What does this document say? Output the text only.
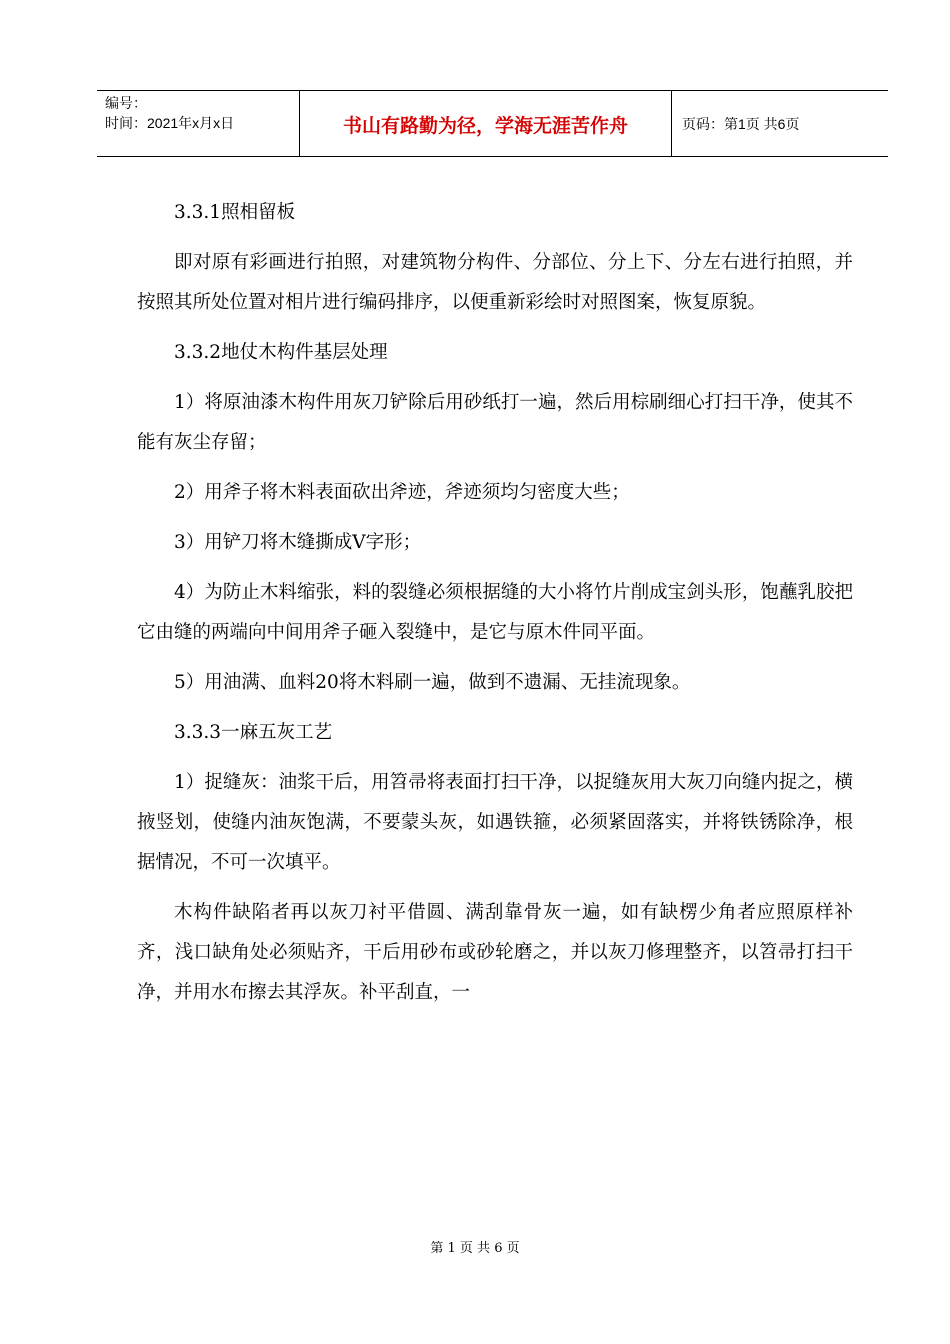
编号：
时间：2021年x月x日	书山有路勤为径，学海无涯苦作舟	页码：第1页 共6页

3.3.1照相留板

即对原有彩画进行拍照，对建筑物分构件、分部位、分上下、分左右进行拍照，并按照其所处位置对相片进行编码排序，以便重新彩绘时对照图案，恢复原貌。

3.3.2地仗木构件基层处理

1）将原油漆木构件用灰刀铲除后用砂纸打一遍，然后用棕刷细心打扫干净，使其不能有灰尘存留；

2）用斧子将木料表面砍出斧迹，斧迹须均匀密度大些；

3）用铲刀将木缝撕成V字形；

4）为防止木料缩张，料的裂缝必须根据缝的大小将竹片削成宝剑头形，饱蘸乳胶把它由缝的两端向中间用斧子砸入裂缝中，是它与原木件同平面。

5）用油满、血料20将木料刷一遍，做到不遗漏、无挂流现象。

3.3.3一麻五灰工艺

1）捉缝灰：油浆干后，用笤帚将表面打扫干净，以捉缝灰用大灰刀向缝内捉之，横掖竖划，使缝内油灰饱满，不要蒙头灰，如遇铁箍，必须紧固落实，并将铁锈除净，根据情况，不可一次填平。

木构件缺陷者再以灰刀衬平借圆、满刮靠骨灰一遍，如有缺楞少角者应照原样补齐，浅口缺角处必须贴齐，干后用砂布或砂轮磨之，并以灰刀修理整齐，以笤帚打扫干净，并用水布擦去其浮灰。补平刮直，一

第 1 页 共 6 页
